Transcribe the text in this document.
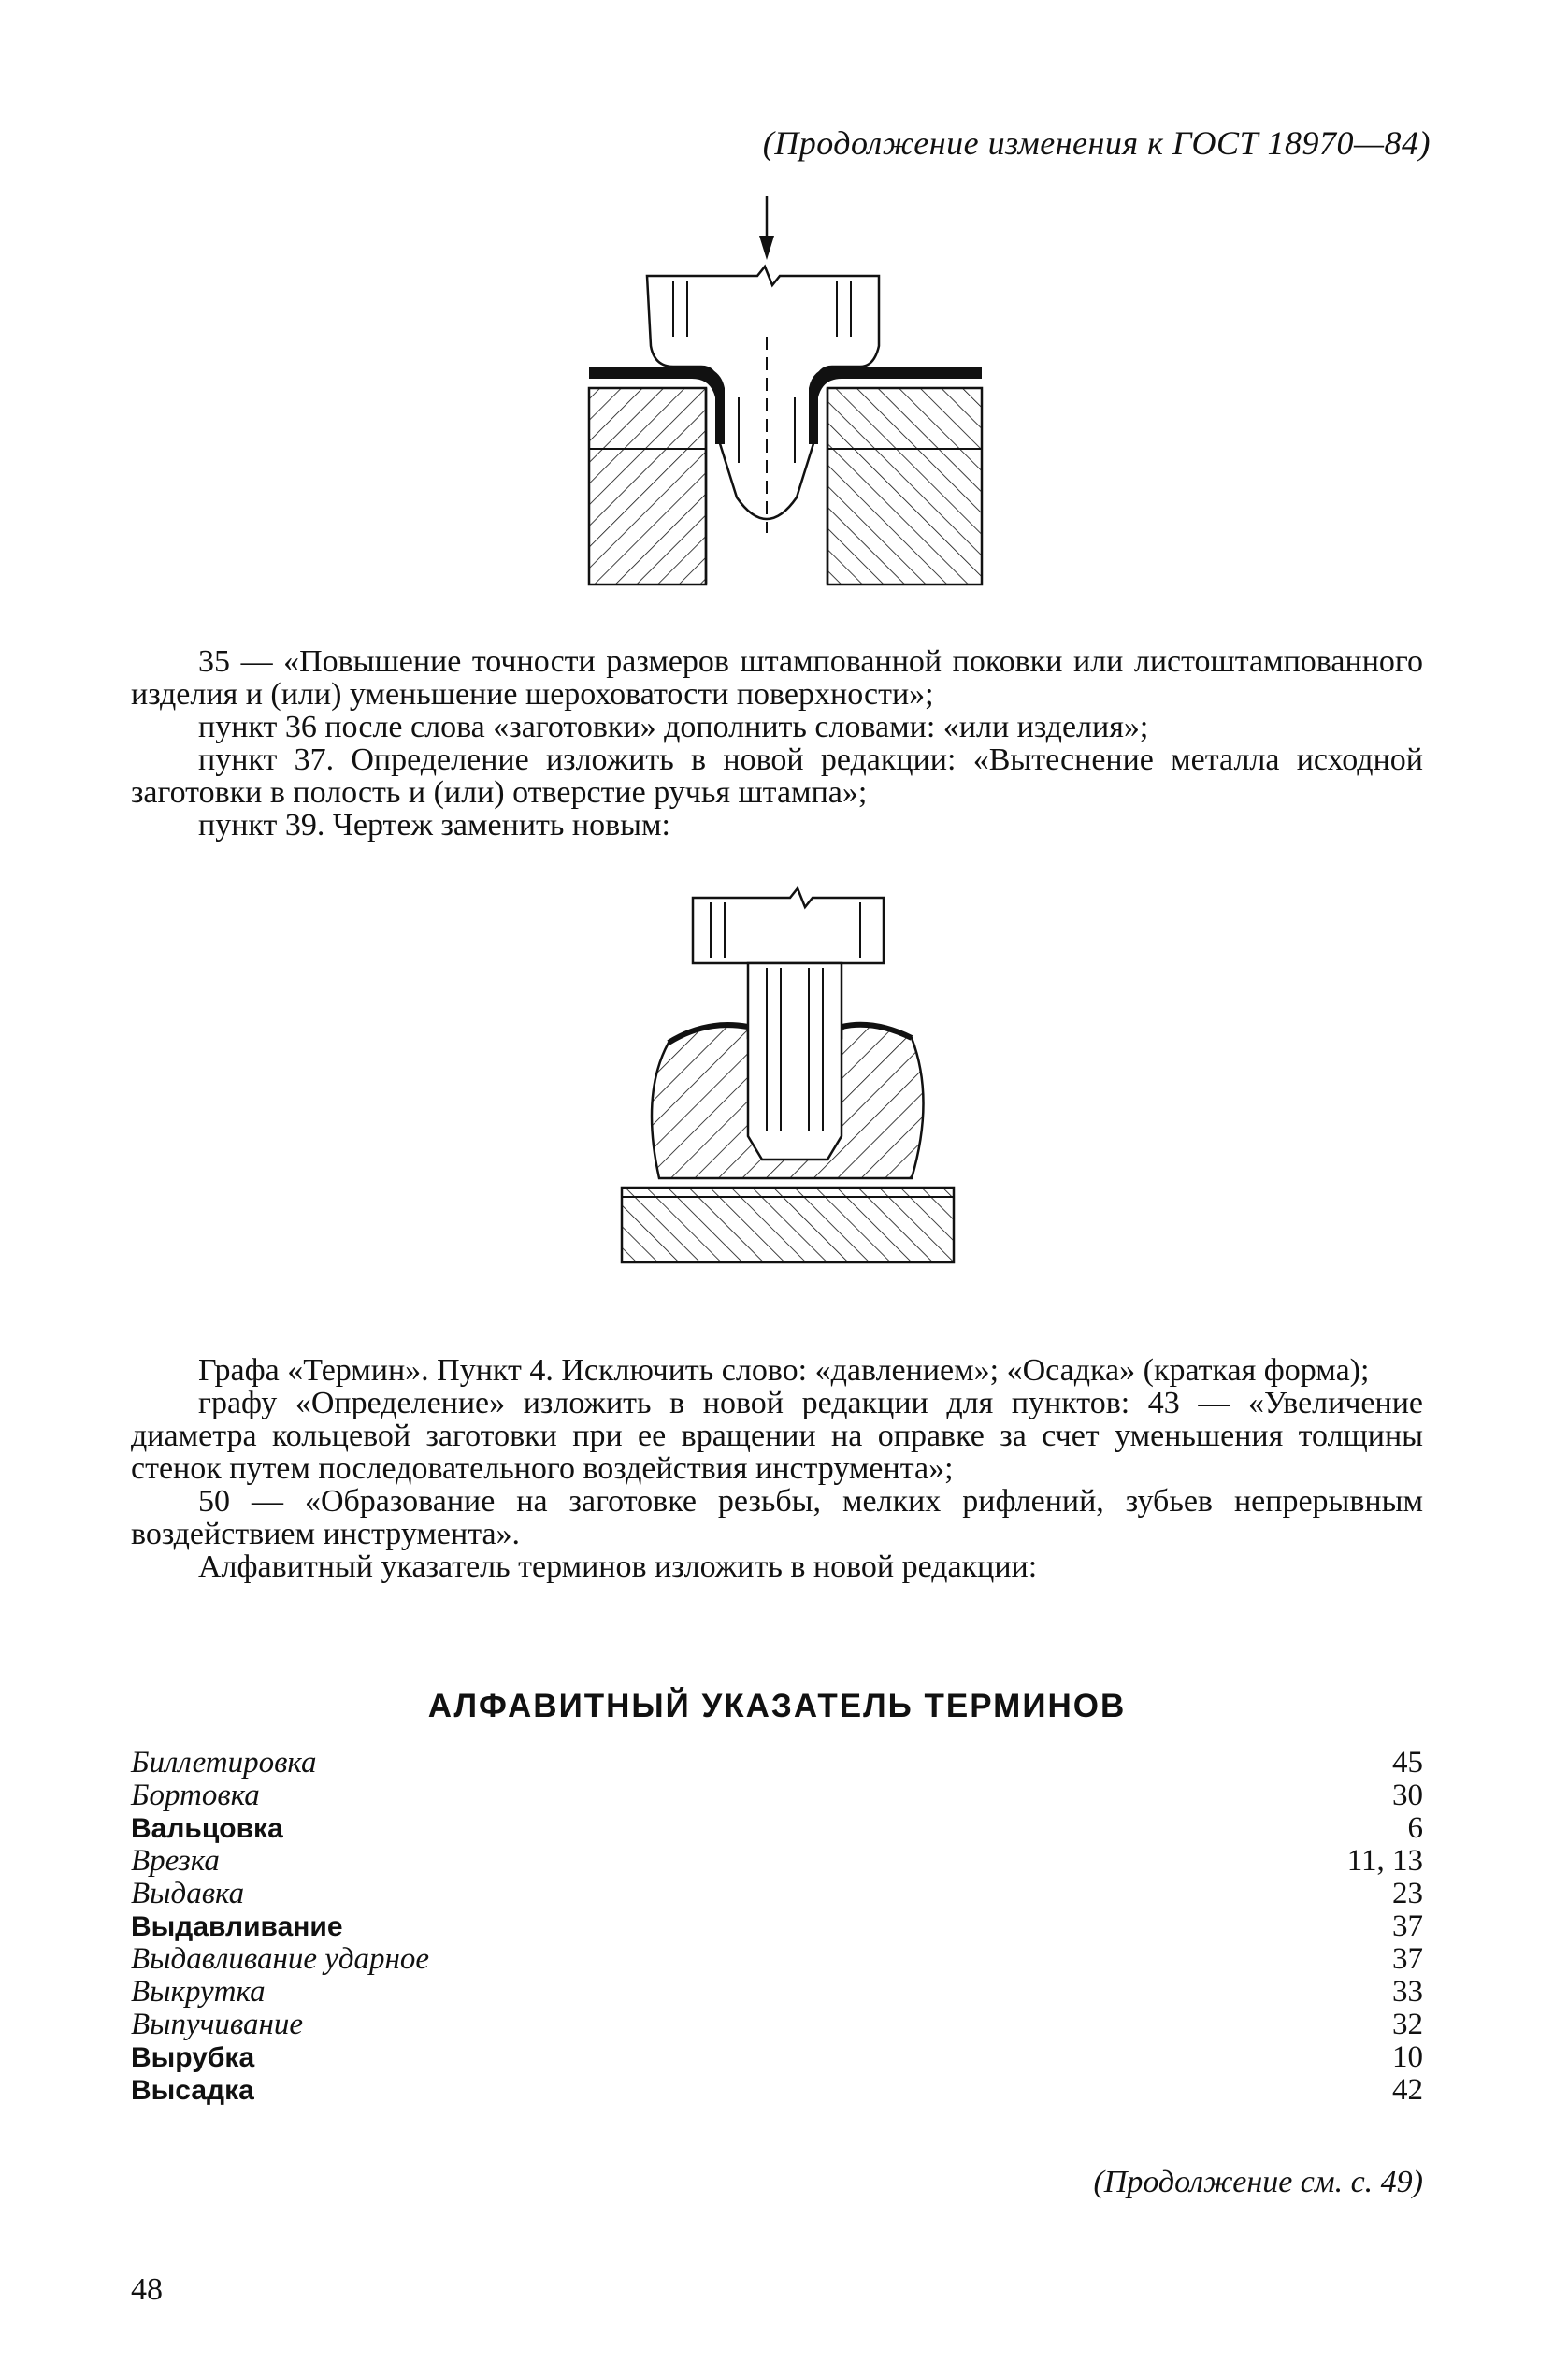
(Продолжение изменения к ГОСТ 18970—84)

35 — «Повышение точности размеров штампованной поковки или листоштампованного изделия и (или) уменьшение шероховатости поверхности»;

пункт 36 после слова «заготовки» дополнить словами: «или изделия»;

пункт 37. Определение изложить в новой редакции: «Вытеснение металла исходной заготовки в полость и (или) отверстие ручья штампа»;

пункт 39. Чертеж заменить новым:

Графа «Термин». Пункт 4. Исключить слово: «давлением»; «Осадка» (краткая форма);

графу «Определение» изложить в новой редакции для пунктов: 43 — «Увеличение диаметра кольцевой заготовки при ее вращении на оправке за счет уменьшения толщины стенок путем последовательного воздействия инструмента»;

50 — «Образование на заготовке резьбы, мелких рифлений, зубьев непрерывным воздействием инструмента».

Алфавитный указатель терминов изложить в новой редакции:

АЛФАВИТНЫЙ УКАЗАТЕЛЬ ТЕРМИНОВ
Биллетировка	45
Бортовка	30
Вальцовка	6
Врезка	11, 13
Выдавка	23
Выдавливание	37
Выдавливание ударное	37
Выкрутка	33
Выпучивание	32
Вырубка	10
Высадка	42
(Продолжение см. с. 49)
48
